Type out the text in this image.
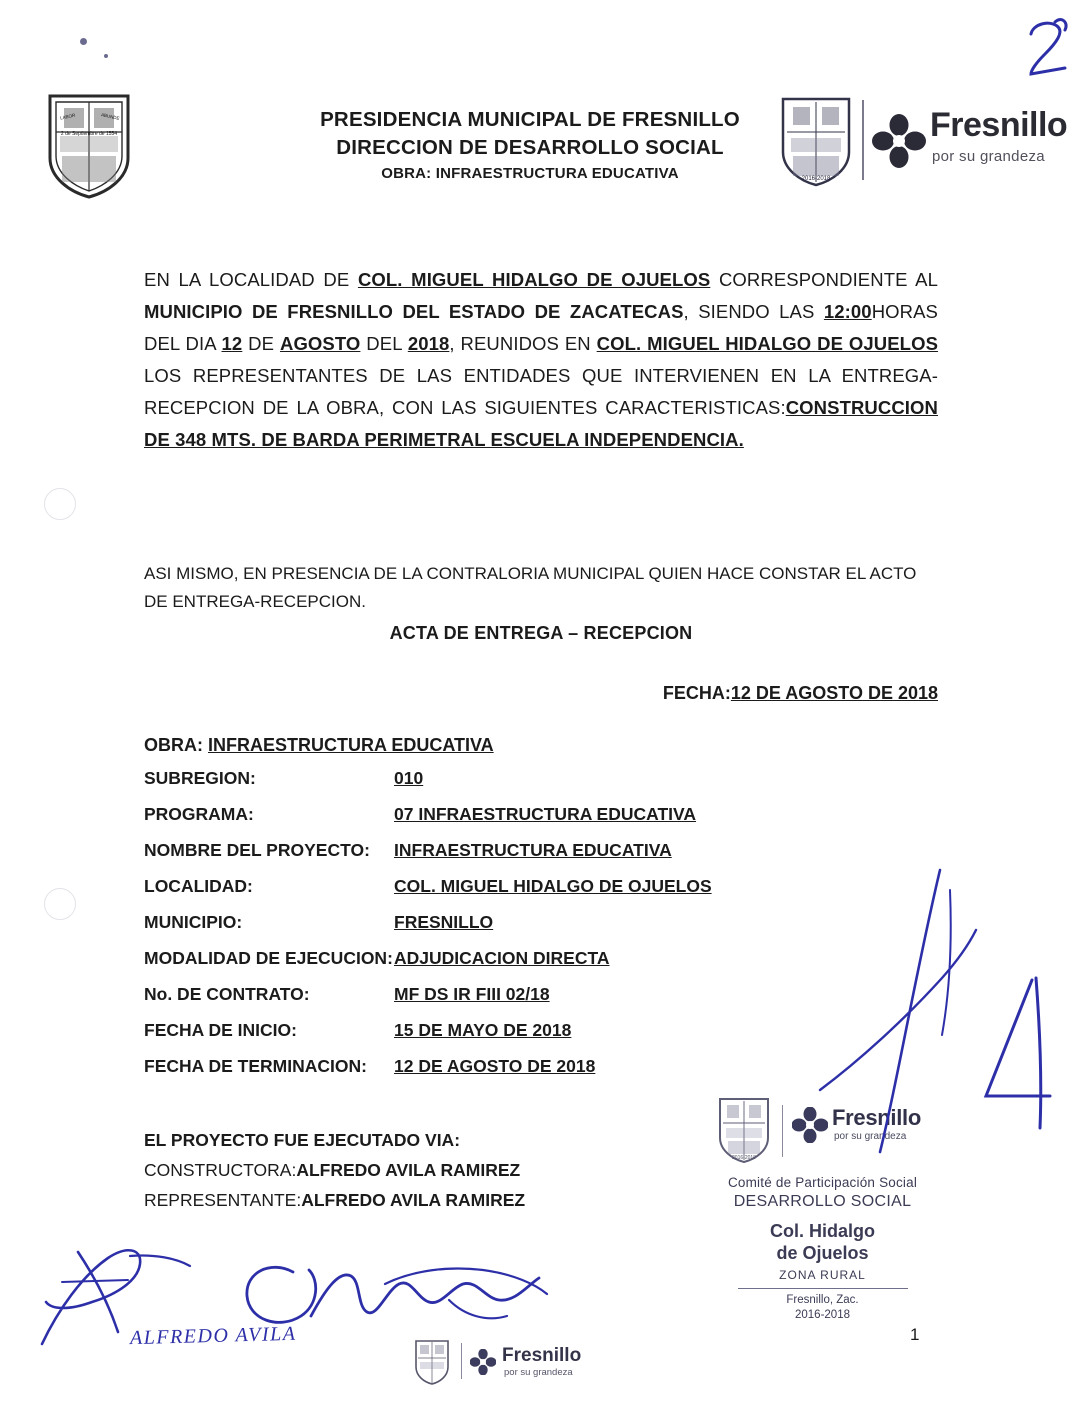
2 de Septiembre de 1554
LABOR	ABUNDE	PRESIDENCIA MUNICIPAL DE FRESNILLO
DIRECCION DE DESARROLLO SOCIAL
OBRA: INFRAESTRUCTURA EDUCATIVA	2016-2018
Fresnillo
por su grandeza

EN LA LOCALIDAD DE COL. MIGUEL HIDALGO DE OJUELOS CORRESPONDIENTE AL MUNICIPIO DE FRESNILLO DEL ESTADO DE ZACATECAS, SIENDO LAS 12:00HORAS DEL DIA 12 DE AGOSTO DEL 2018, REUNIDOS EN COL. MIGUEL HIDALGO DE OJUELOS LOS REPRESENTANTES DE LAS ENTIDADES QUE INTERVIENEN EN LA ENTREGA-RECEPCION DE LA OBRA, CON LAS SIGUIENTES CARACTERISTICAS:CONSTRUCCION DE 348 MTS. DE BARDA PERIMETRAL ESCUELA INDEPENDENCIA.

ASI MISMO, EN PRESENCIA DE LA CONTRALORIA MUNICIPAL QUIEN HACE CONSTAR EL ACTO DE ENTREGA-RECEPCION.

ACTA DE ENTREGA – RECEPCION
FECHA:12 DE AGOSTO DE 2018
OBRA: INFRAESTRUCTURA EDUCATIVA
SUBREGION:	010
PROGRAMA:	07 INFRAESTRUCTURA EDUCATIVA
NOMBRE DEL PROYECTO:	INFRAESTRUCTURA EDUCATIVA
LOCALIDAD:	COL. MIGUEL HIDALGO DE OJUELOS
MUNICIPIO:	FRESNILLO
MODALIDAD DE EJECUCION: ADJUDICACION DIRECTA
No. DE CONTRATO:	MF DS IR FIII 02/18
FECHA DE INICIO:	15 DE MAYO DE 2018
FECHA DE TERMINACION:	12 DE AGOSTO DE 2018
EL PROYECTO FUE EJECUTADO VIA:
CONSTRUCTORA:ALFREDO AVILA RAMIREZ
REPRESENTANTE:ALFREDO AVILA RAMIREZ
2016-2018
Fresnillo
por su grandeza
Comité de Participación Social
DESARROLLO SOCIAL
Col. Hidalgo
de Ojuelos
ZONA RURAL
Fresnillo, Zac.
2016-2018
ALFREDO AVILA
Fresnillo
por su grandeza
1
